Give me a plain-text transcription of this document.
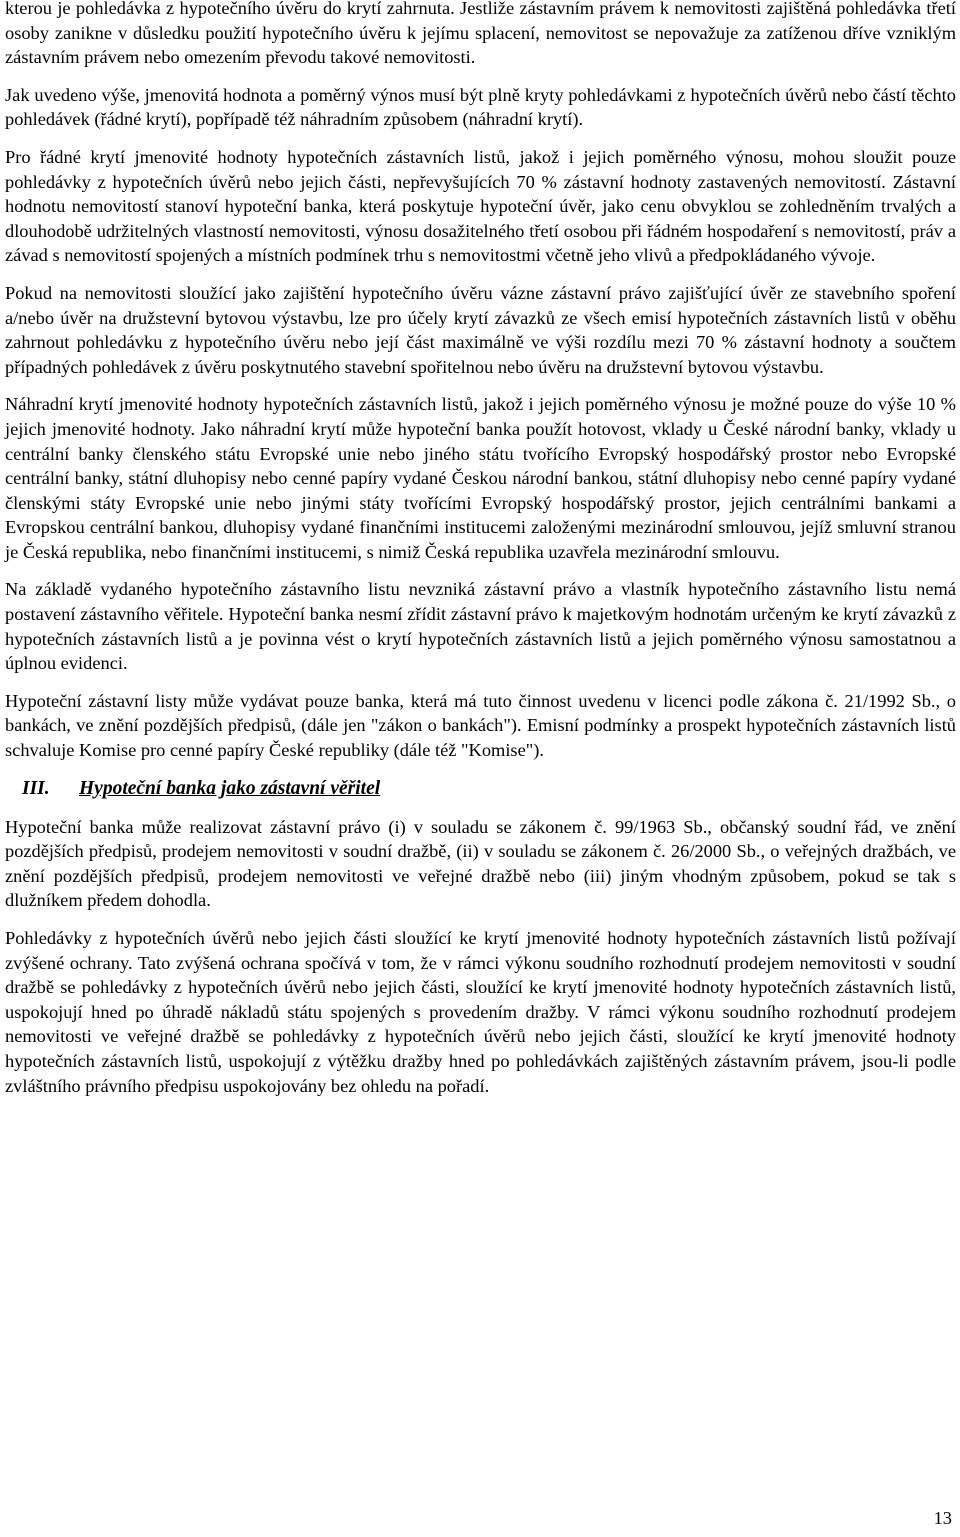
kterou je pohledávka z hypotečního úvěru do krytí zahrnuta. Jestliže zástavním právem k nemovitosti zajištěná pohledávka třetí osoby zanikne v důsledku použití hypotečního úvěru k jejímu splacení, nemovitost se nepovažuje za zatíženou dříve vzniklým zástavním právem nebo omezením převodu takové nemovitosti.

Jak uvedeno výše, jmenovitá hodnota a poměrný výnos musí být plně kryty pohledávkami z hypotečních úvěrů nebo částí těchto pohledávek (řádné krytí), popřípadě též náhradním způsobem (náhradní krytí).

Pro řádné krytí jmenovité hodnoty hypotečních zástavních listů, jakož i jejich poměrného výnosu, mohou sloužit pouze pohledávky z hypotečních úvěrů nebo jejich části, nepřevyšujících 70 % zástavní hodnoty zastavených nemovitostí. Zástavní hodnotu nemovitostí stanoví hypoteční banka, která poskytuje hypoteční úvěr, jako cenu obvyklou se zohledněním trvalých a dlouhodobě udržitelných vlastností nemovitosti, výnosu dosažitelného třetí osobou při řádném hospodaření s nemovitostí, práv a závad s nemovitostí spojených a místních podmínek trhu s nemovitostmi včetně jeho vlivů a předpokládaného vývoje.

Pokud na nemovitosti sloužící jako zajištění hypotečního úvěru vázne zástavní právo zajišťující úvěr ze stavebního spoření a/nebo úvěr na družstevní bytovou výstavbu, lze pro účely krytí závazků ze všech emisí hypotečních zástavních listů v oběhu zahrnout pohledávku z hypotečního úvěru nebo její část maximálně ve výši rozdílu mezi 70 % zástavní hodnoty a součtem případných pohledávek z úvěru poskytnutého stavební spořitelnou nebo úvěru na družstevní bytovou výstavbu.

Náhradní krytí jmenovité hodnoty hypotečních zástavních listů, jakož i jejich poměrného výnosu je možné pouze do výše 10 % jejich jmenovité hodnoty. Jako náhradní krytí může hypoteční banka použít hotovost, vklady u České národní banky, vklady u centrální banky členského státu Evropské unie nebo jiného státu tvořícího Evropský hospodářský prostor nebo Evropské centrální banky, státní dluhopisy nebo cenné papíry vydané Českou národní bankou, státní dluhopisy nebo cenné papíry vydané členskými státy Evropské unie nebo jinými státy tvořícími Evropský hospodářský prostor, jejich centrálními bankami a Evropskou centrální bankou, dluhopisy vydané finančními institucemi založenými mezinárodní smlouvou, jejíž smluvní stranou je Česká republika, nebo finančními institucemi, s nimiž Česká republika uzavřela mezinárodní smlouvu.

Na základě vydaného hypotečního zástavního listu nevzniká zástavní právo a vlastník hypotečního zástavního listu nemá postavení zástavního věřitele. Hypoteční banka nesmí zřídit zástavní právo k majetkovým hodnotám určeným ke krytí závazků z hypotečních zástavních listů a je povinna vést o krytí hypotečních zástavních listů a jejich poměrného výnosu samostatnou a úplnou evidenci.

Hypoteční zástavní listy může vydávat pouze banka, která má tuto činnost uvedenu v licenci podle zákona č. 21/1992 Sb., o bankách, ve znění pozdějších předpisů, (dále jen "zákon o bankách"). Emisní podmínky a prospekt hypotečních zástavních listů schvaluje Komise pro cenné papíry České republiky (dále též "Komise").

III. Hypoteční banka jako zástavní věřitel

Hypoteční banka může realizovat zástavní právo (i) v souladu se zákonem č. 99/1963 Sb., občanský soudní řád, ve znění pozdějších předpisů, prodejem nemovitosti v soudní dražbě, (ii) v souladu se zákonem č. 26/2000 Sb., o veřejných dražbách, ve znění pozdějších předpisů, prodejem nemovitosti ve veřejné dražbě nebo (iii) jiným vhodným způsobem, pokud se tak s dlužníkem předem dohodla.

Pohledávky z hypotečních úvěrů nebo jejich části sloužící ke krytí jmenovité hodnoty hypotečních zástavních listů požívají zvýšené ochrany. Tato zvýšená ochrana spočívá v tom, že v rámci výkonu soudního rozhodnutí prodejem nemovitosti v soudní dražbě se pohledávky z hypotečních úvěrů nebo jejich části, sloužící ke krytí jmenovité hodnoty hypotečních zástavních listů, uspokojují hned po úhradě nákladů státu spojených s provedením dražby. V rámci výkonu soudního rozhodnutí prodejem nemovitosti ve veřejné dražbě se pohledávky z hypotečních úvěrů nebo jejich části, sloužící ke krytí jmenovité hodnoty hypotečních zástavních listů, uspokojují z výtěžku dražby hned po pohledávkách zajištěných zástavním právem, jsou-li podle zvláštního právního předpisu uspokojovány bez ohledu na pořadí.

13
